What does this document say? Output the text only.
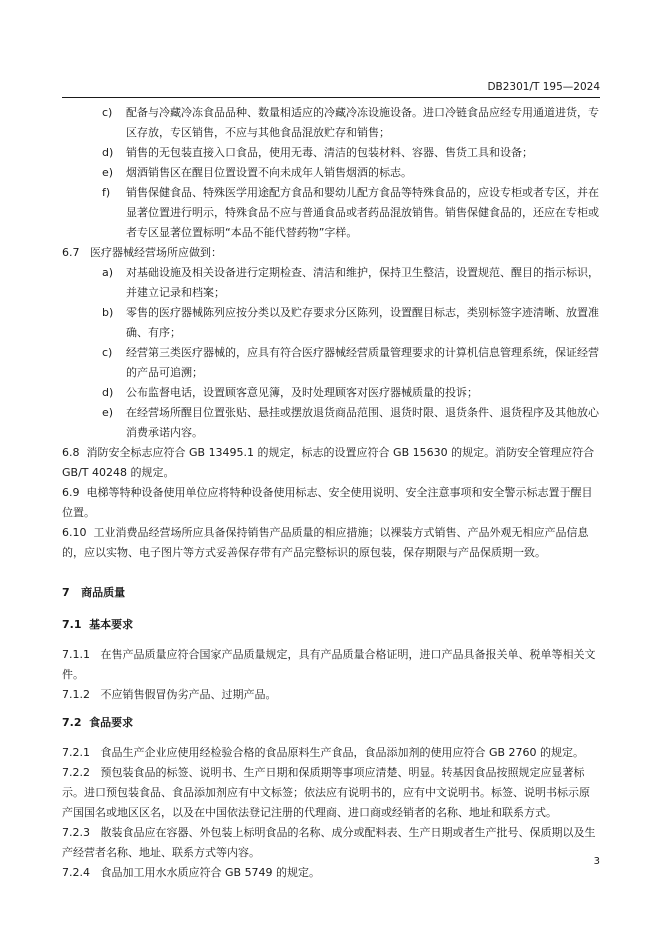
DB2301/T 195—2024
c) 配备与冷藏冷冻食品品种、数量相适应的冷藏冷冻设施设备。进口冷链食品应经专用通道进货，专区存放，专区销售，不应与其他食品混放贮存和销售；
d) 销售的无包装直接入口食品，使用无毒、清洁的包装材料、容器、售货工具和设备；
e) 烟酒销售区在醒目位置设置不向未成年人销售烟酒的标志。
f) 销售保健食品、特殊医学用途配方食品和婴幼儿配方食品等特殊食品的，应设专柜或者专区，并在显著位置进行明示，特殊食品不应与普通食品或者药品混放销售。销售保健食品的，还应在专柜或者专区显著位置标明“本品不能代替药物”字样。
6.7 医疗器械经营场所应做到：
a) 对基础设施及相关设备进行定期检查、清洁和维护，保持卫生整洁，设置规范、醒目的指示标识，并建立记录和档案；
b) 零售的医疗器械陈列应按分类以及贮存要求分区陈列，设置醒目标志，类别标签字迹清晰、放置准确、有序；
c) 经营第三类医疗器械的，应具有符合医疗器械经营质量管理要求的计算机信息管理系统，保证经营的产品可追溯；
d) 公布监督电话，设置顾客意见簿，及时处理顾客对医疗器械质量的投诉；
e) 在经营场所醒目位置张贴、悬挂或摆放退货商品范围、退货时限、退货条件、退货程序及其他放心消费承诺内容。
6.8 消防安全标志应符合 GB 13495.1 的规定，标志的设置应符合 GB 15630 的规定。消防安全管理应符合 GB/T 40248 的规定。
6.9 电梯等特种设备使用单位应将特种设备使用标志、安全使用说明、安全注意事项和安全警示标志置于醒目位置。
6.10 工业消费品经营场所应具备保持销售产品质量的相应措施；以裸装方式销售、产品外观无相应产品信息的，应以实物、电子图片等方式妥善保存带有产品完整标识的原包装，保存期限与产品保质期一致。
7 商品质量
7.1 基本要求
7.1.1 在售产品质量应符合国家产品质量规定，具有产品质量合格证明，进口产品具备报关单、税单等相关文件。
7.1.2 不应销售假冒伪劣产品、过期产品。
7.2 食品要求
7.2.1 食品生产企业应使用经检验合格的食品原料生产食品，食品添加剂的使用应符合 GB 2760 的规定。
7.2.2 预包装食品的标签、说明书、生产日期和保质期等事项应清楚、明显。转基因食品按照规定应显著标示。进口预包装食品、食品添加剂应有中文标签；依法应有说明书的，应有中文说明书。标签、说明书标示原产国国名或地区区名，以及在中国依法登记注册的代理商、进口商或经销者的名称、地址和联系方式。
7.2.3 散装食品应在容器、外包装上标明食品的名称、成分或配料表、生产日期或者生产批号、保质期以及生产经营者名称、地址、联系方式等内容。
7.2.4 食品加工用水水质应符合 GB 5749 的规定。
3
